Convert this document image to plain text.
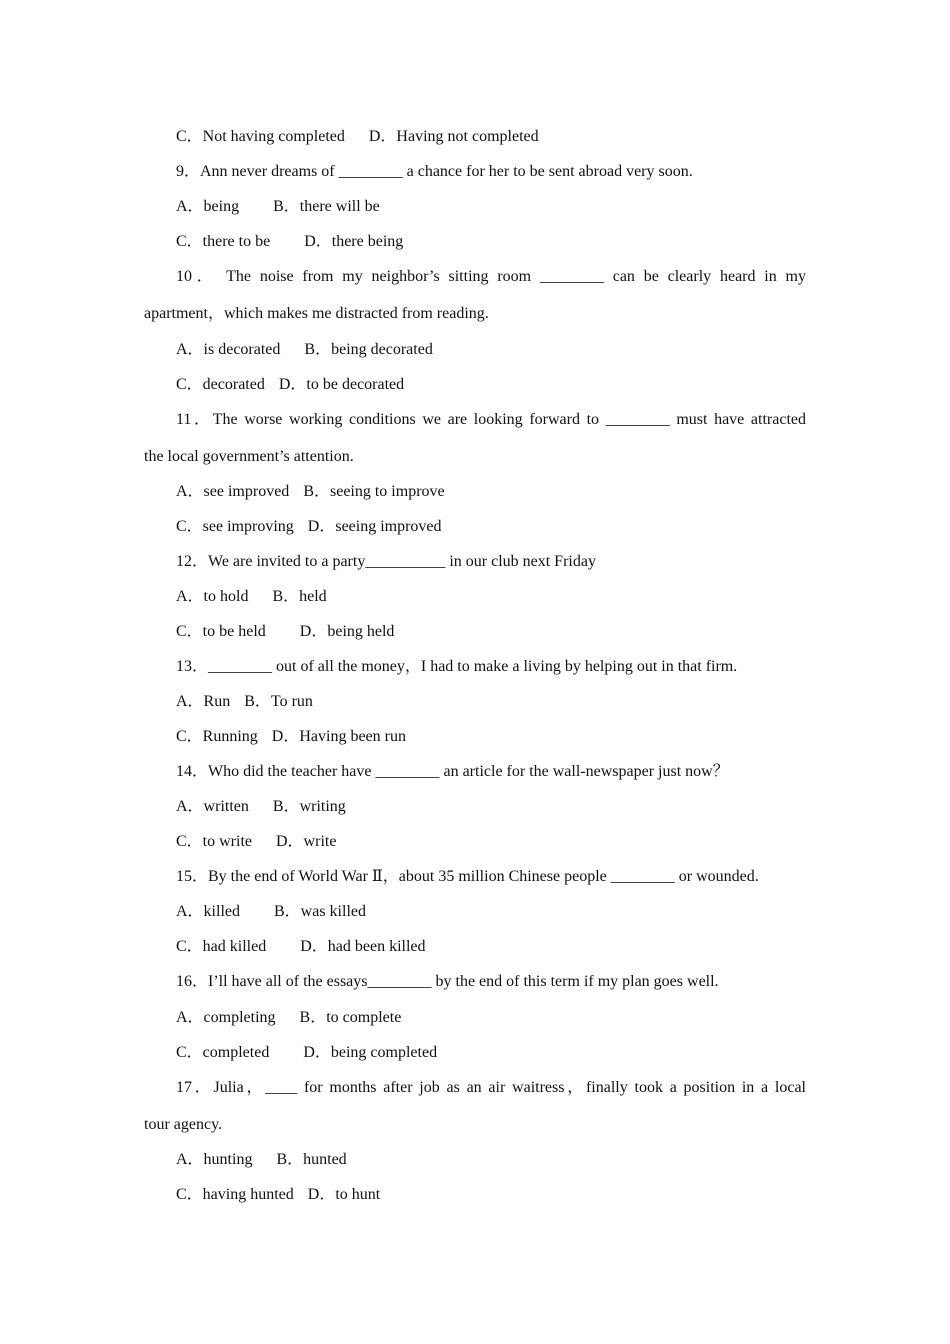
C．Not having completed D．Having not completed
9．Ann never dreams of ________ a chance for her to be sent abroad very soon.
A．being B．there will be
C．there to be D．there being
10． The noise from my neighbor’s sitting room ________ can be clearly heard in my
apartment，which makes me distracted from reading.
A．is decorated B．being decorated
C．decorated D．to be decorated
11．The worse working conditions we are looking forward to ________ must have attracted
the local government’s attention.
A．see improved B．seeing to improve
C．see improving D．seeing improved
12．We are invited to a party__________ in our club next Friday
A．to hold B．held
C．to be held D．being held
13．________ out of all the money，I had to make a living by helping out in that firm.
A．Run B．To run
C．Running D．Having been run
14．Who did the teacher have ________ an article for the wall-newspaper just now？
A．written B．writing
C．to write D．write
15．By the end of World War Ⅱ，about 35 million Chinese people ________ or wounded.
A．killed B．was killed
C．had killed D．had been killed
16．I’ll have all of the essays________ by the end of this term if my plan goes well.
A．completing B．to complete
C．completed D．being completed
17．Julia，____ for months after job as an air waitress，finally took a position in a local
tour agency.
A．hunting B．hunted
C．having hunted D．to hunt
